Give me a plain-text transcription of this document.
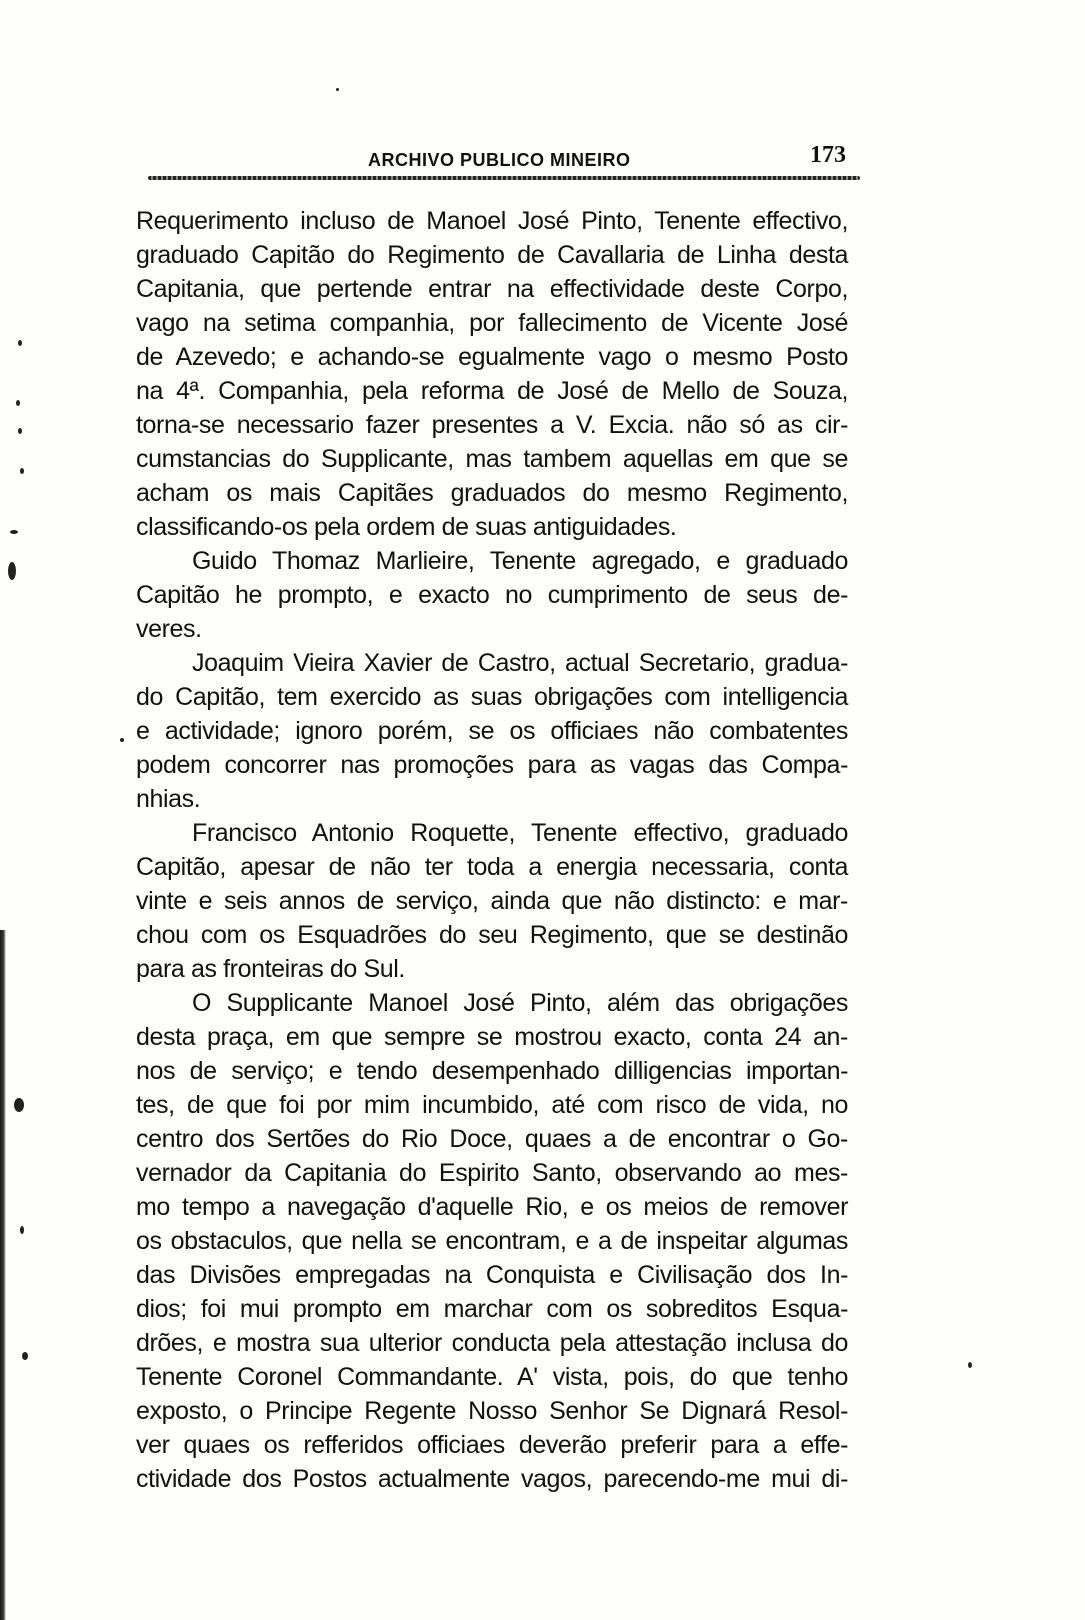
ARCHIVO PUBLICO MINEIRO	173
Requerimento incluso de Manoel José Pinto, Tenente effectivo,
graduado Capitão do Regimento de Cavallaria de Linha desta
Capitania, que pertende entrar na effectividade deste Corpo,
vago na setima companhia, por fallecimento de Vicente José
de Azevedo; e achando-se egualmente vago o mesmo Posto
na 4ª. Companhia, pela reforma de José de Mello de Souza,
torna-se necessario fazer presentes a V. Excia. não só as cir-
cumstancias do Supplicante, mas tambem aquellas em que se
acham os mais Capitães graduados do mesmo Regimento,
classificando-os pela ordem de suas antiguidades.
Guido Thomaz Marlieire, Tenente agregado, e graduado
Capitão he prompto, e exacto no cumprimento de seus de-
veres.
Joaquim Vieira Xavier de Castro, actual Secretario, gradua-
do Capitão, tem exercido as suas obrigações com intelligencia
e actividade; ignoro porém, se os officiaes não combatentes
podem concorrer nas promoções para as vagas das Compa-
nhias.
Francisco Antonio Roquette, Tenente effectivo, graduado
Capitão, apesar de não ter toda a energia necessaria, conta
vinte e seis annos de serviço, ainda que não distincto: e mar-
chou com os Esquadrões do seu Regimento, que se destinão
para as fronteiras do Sul.
O Supplicante Manoel José Pinto, além das obrigações
desta praça, em que sempre se mostrou exacto, conta 24 an-
nos de serviço; e tendo desempenhado dilligencias importan-
tes, de que foi por mim incumbido, até com risco de vida, no
centro dos Sertões do Rio Doce, quaes a de encontrar o Go-
vernador da Capitania do Espirito Santo, observando ao mes-
mo tempo a navegação d'aquelle Rio, e os meios de remover
os obstaculos, que nella se encontram, e a de inspeitar algumas
das Divisões empregadas na Conquista e Civilisação dos In-
dios; foi mui prompto em marchar com os sobreditos Esqua-
drões, e mostra sua ulterior conducta pela attestação inclusa do
Tenente Coronel Commandante. A' vista, pois, do que tenho
exposto, o Principe Regente Nosso Senhor Se Dignará Resol-
ver quaes os refferidos officiaes deverão preferir para a effe-
ctividade dos Postos actualmente vagos, parecendo-me mui di-
